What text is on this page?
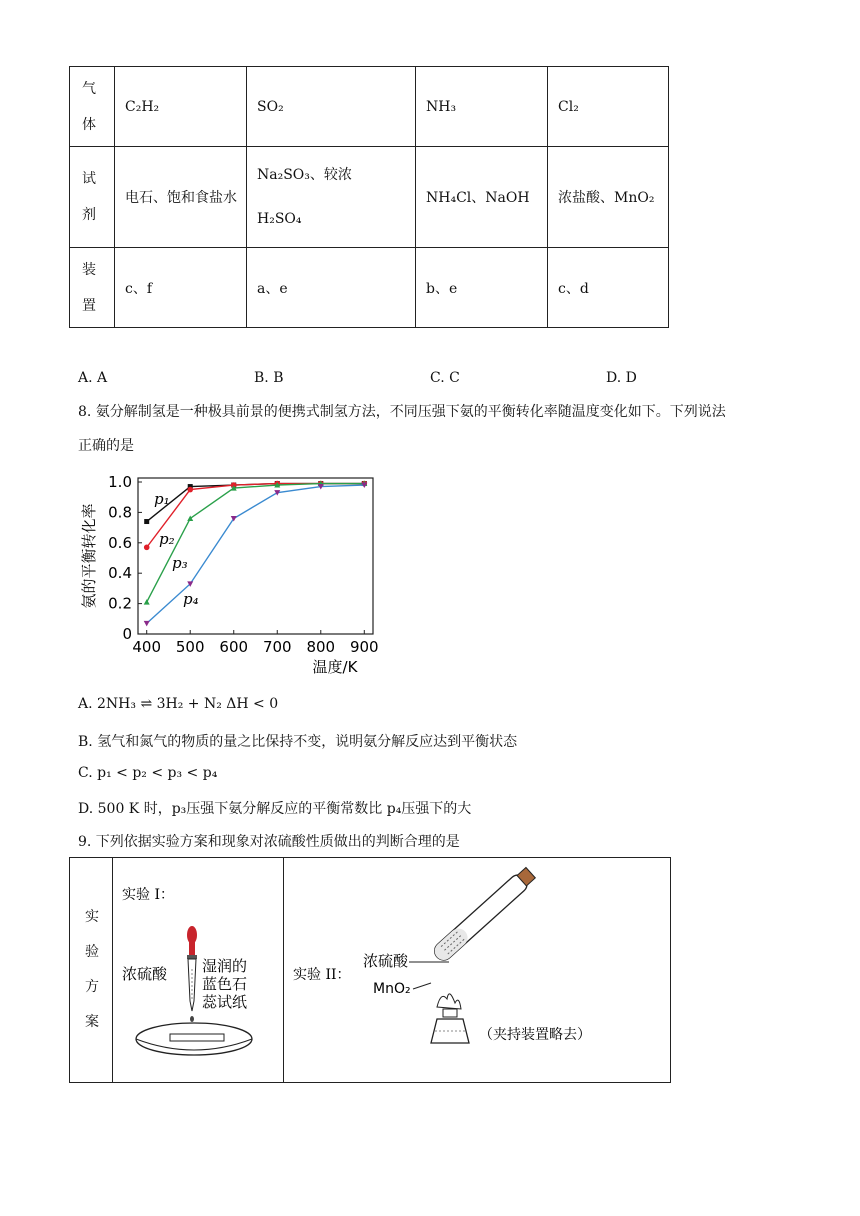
气体	C₂H₂	SO₂	NH₃	Cl₂

试剂	电石、饱和食盐水	Na₂SO₃、较浓H₂SO₄	NH₄Cl、NaOH	浓盐酸、MnO₂

装置	c、f	a、e	b、e	c、d
A. A	B. B	C. C	D. D
8. 氨分解制氢是一种极具前景的便携式制氢方法，不同压强下氨的平衡转化率随温度变化如下。下列说法
正确的是
400 500 600 700 800 900
0
0.2
0.4
0.6
0.8
1.0
温度/K
氨的平衡转化率
p₁
p₂
p₃
p₄
A. 2NH₃ ⇌ 3H₂ + N₂ ΔH < 0
B. 氢气和氮气的物质的量之比保持不变，说明氨分解反应达到平衡状态
C. p₁ < p₂ < p₃ < p₄
D. 500 K 时，p₃压强下氨分解反应的平衡常数比 p₄压强下的大
9. 下列依据实验方案和现象对浓硫酸性质做出的判断合理的是
实验方案

实验 I：
浓硫酸 湿润的 蓝色石 蕊试纸

实验 II：
浓硫酸
MnO₂
（夹持装置略去）
